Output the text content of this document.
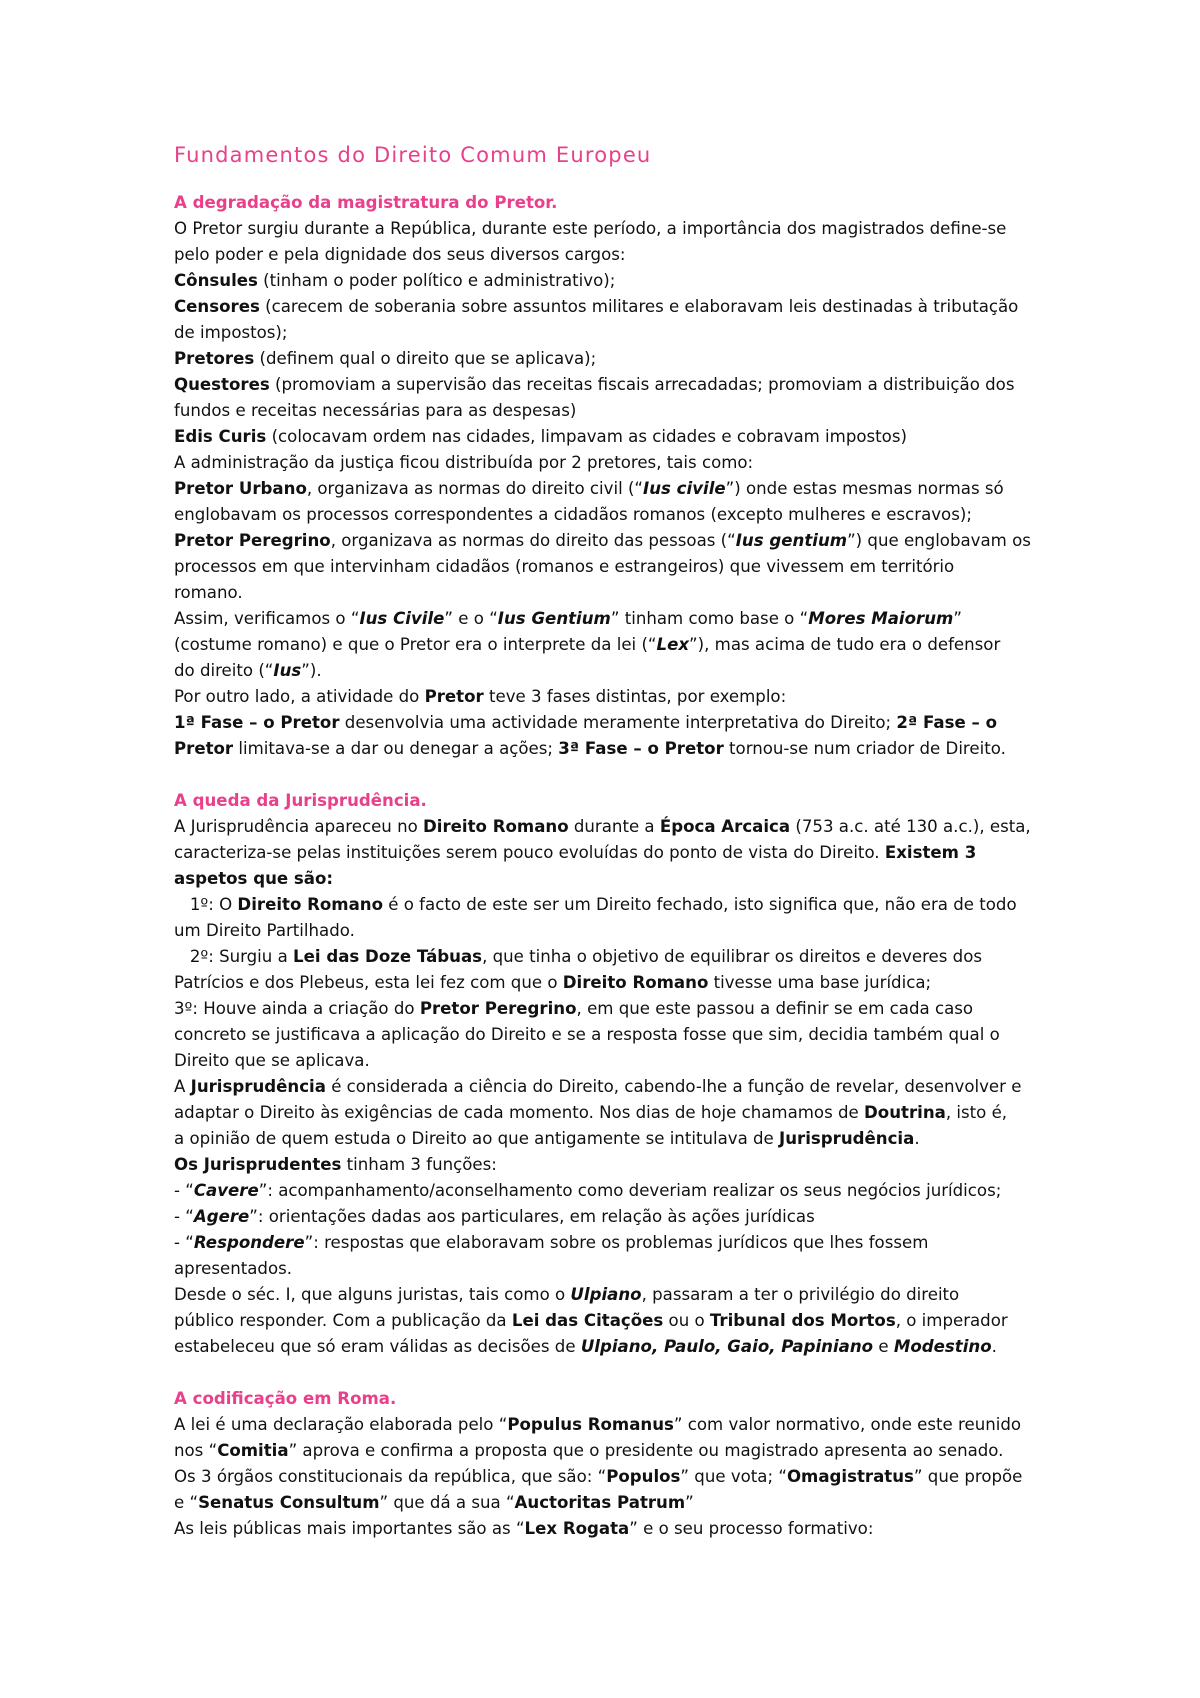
Fundamentos do Direito Comum Europeu

A degradação da magistratura do Pretor.

O Pretor surgiu durante a República, durante este período, a importância dos magistrados define-se

pelo poder e pela dignidade dos seus diversos cargos:

Cônsules (tinham o poder político e administrativo);

Censores (carecem de soberania sobre assuntos militares e elaboravam leis destinadas à tributação

de impostos);

Pretores (definem qual o direito que se aplicava);

Questores (promoviam a supervisão das receitas fiscais arrecadadas; promoviam a distribuição dos

fundos e receitas necessárias para as despesas)

Edis Curis (colocavam ordem nas cidades, limpavam as cidades e cobravam impostos)

A administração da justiça ficou distribuída por 2 pretores, tais como:

Pretor Urbano, organizava as normas do direito civil (“Ius civile”) onde estas mesmas normas só

englobavam os processos correspondentes a cidadãos romanos (excepto mulheres e escravos);

Pretor Peregrino, organizava as normas do direito das pessoas (“Ius gentium”) que englobavam os

processos em que intervinham cidadãos (romanos e estrangeiros) que vivessem em território

romano.

Assim, verificamos o “Ius Civile” e o “Ius Gentium” tinham como base o “Mores Maiorum”

(costume romano) e que o Pretor era o interprete da lei (“Lex”), mas acima de tudo era o defensor

do direito (“Ius”).

Por outro lado, a atividade do Pretor teve 3 fases distintas, por exemplo:

1ª Fase – o Pretor desenvolvia uma actividade meramente interpretativa do Direito; 2ª Fase – o

Pretor limitava-se a dar ou denegar a ações; 3ª Fase – o Pretor tornou-se num criador de Direito.

A queda da Jurisprudência.

A Jurisprudência apareceu no Direito Romano durante a Época Arcaica (753 a.c. até 130 a.c.), esta,

caracteriza-se pelas instituições serem pouco evoluídas do ponto de vista do Direito. Existem 3

aspetos que são:

1º: O Direito Romano é o facto de este ser um Direito fechado, isto significa que, não era de todo

um Direito Partilhado.

2º: Surgiu a Lei das Doze Tábuas, que tinha o objetivo de equilibrar os direitos e deveres dos

Patrícios e dos Plebeus, esta lei fez com que o Direito Romano tivesse uma base jurídica;

3º: Houve ainda a criação do Pretor Peregrino, em que este passou a definir se em cada caso

concreto se justificava a aplicação do Direito e se a resposta fosse que sim, decidia também qual o

Direito que se aplicava.

A Jurisprudência é considerada a ciência do Direito, cabendo-lhe a função de revelar, desenvolver e

adaptar o Direito às exigências de cada momento. Nos dias de hoje chamamos de Doutrina, isto é,

a opinião de quem estuda o Direito ao que antigamente se intitulava de Jurisprudência.

Os Jurisprudentes tinham 3 funções:

- “Cavere”: acompanhamento/aconselhamento como deveriam realizar os seus negócios jurídicos;

- “Agere”: orientações dadas aos particulares, em relação às ações jurídicas

- “Respondere”: respostas que elaboravam sobre os problemas jurídicos que lhes fossem

apresentados.

Desde o séc. I, que alguns juristas, tais como o Ulpiano, passaram a ter o privilégio do direito

público responder. Com a publicação da Lei das Citações ou o Tribunal dos Mortos, o imperador

estabeleceu que só eram válidas as decisões de Ulpiano, Paulo, Gaio, Papiniano e Modestino.

A codificação em Roma.

A lei é uma declaração elaborada pelo “Populus Romanus” com valor normativo, onde este reunido

nos “Comitia” aprova e confirma a proposta que o presidente ou magistrado apresenta ao senado.

Os 3 órgãos constitucionais da república, que são: “Populos” que vota; “Omagistratus” que propõe

e “Senatus Consultum” que dá a sua “Auctoritas Patrum”

As leis públicas mais importantes são as “Lex Rogata” e o seu processo formativo:
